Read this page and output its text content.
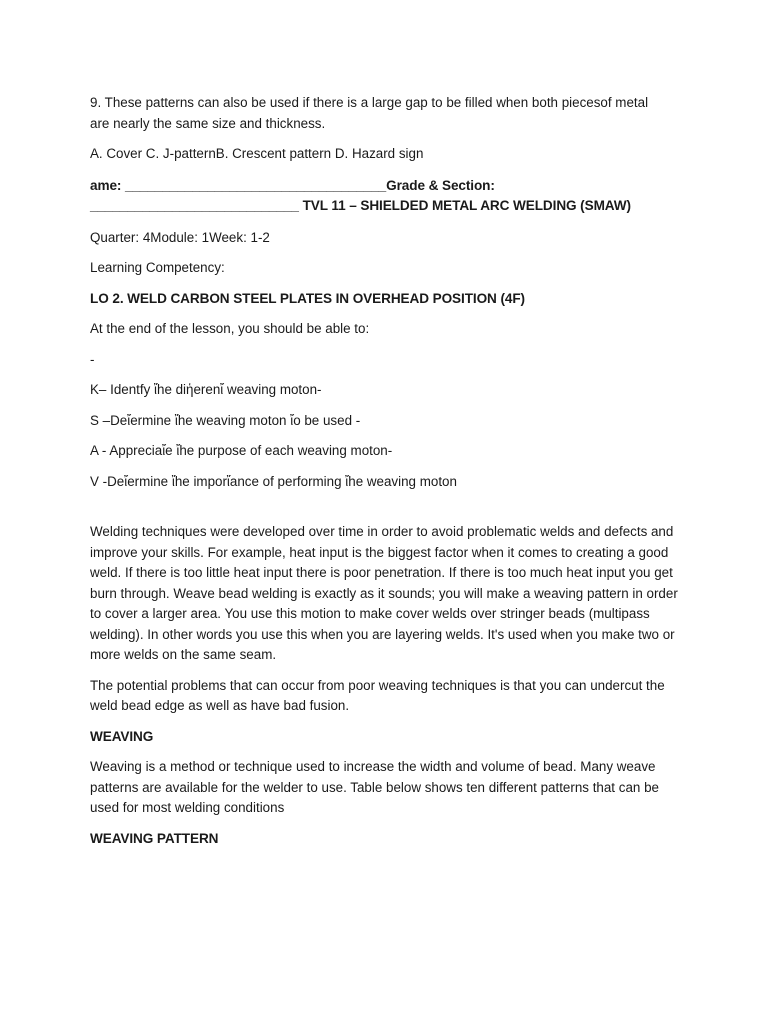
9. These patterns can also be used if there is a large gap to be filled when both piecesof metal

are nearly the same size and thickness.

A. Cover C. J-patternB. Crescent pattern D. Hazard sign

ame: ___________________________________Grade & Section:

____________________________ TVL 11 – SHIELDED METAL ARC WELDING (SMAW)

Quarter: 4Module: 1Week: 1-2

Learning Competency:

LO 2. WELD CARBON STEEL PLATES IN OVERHEAD POSITION (4F)

At the end of the lesson, you should be able to:

-

K– Identfy ἴhe diἡerenἴ weaving moton-

S –Deἴermine ἴhe weaving moton ἴo be used -

A - Appreciaἴe ἴhe purpose of each weaving moton-

V -Deἴermine ἴhe imporἴance of performing ἴhe weaving moton

Welding techniques were developed over time in order to avoid problematic welds and defects and improve your skills. For example, heat input is the biggest factor when it comes to creating a good weld. If there is too little heat input there is poor penetration. If there is too much heat input you get burn through. Weave bead welding is exactly as it sounds; you will make a weaving pattern in order to cover a larger area. You use this motion to make cover welds over stringer beads (multipass welding). In other words you use this when you are layering welds. It's used when you make two or more welds on the same seam.

The potential problems that can occur from poor weaving techniques is that you can undercut the weld bead edge as well as have bad fusion.

WEAVING

Weaving is a method or technique used to increase the width and volume of bead. Many weave patterns are available for the welder to use. Table below shows ten different patterns that can be used for most welding conditions

WEAVING PATTERN
